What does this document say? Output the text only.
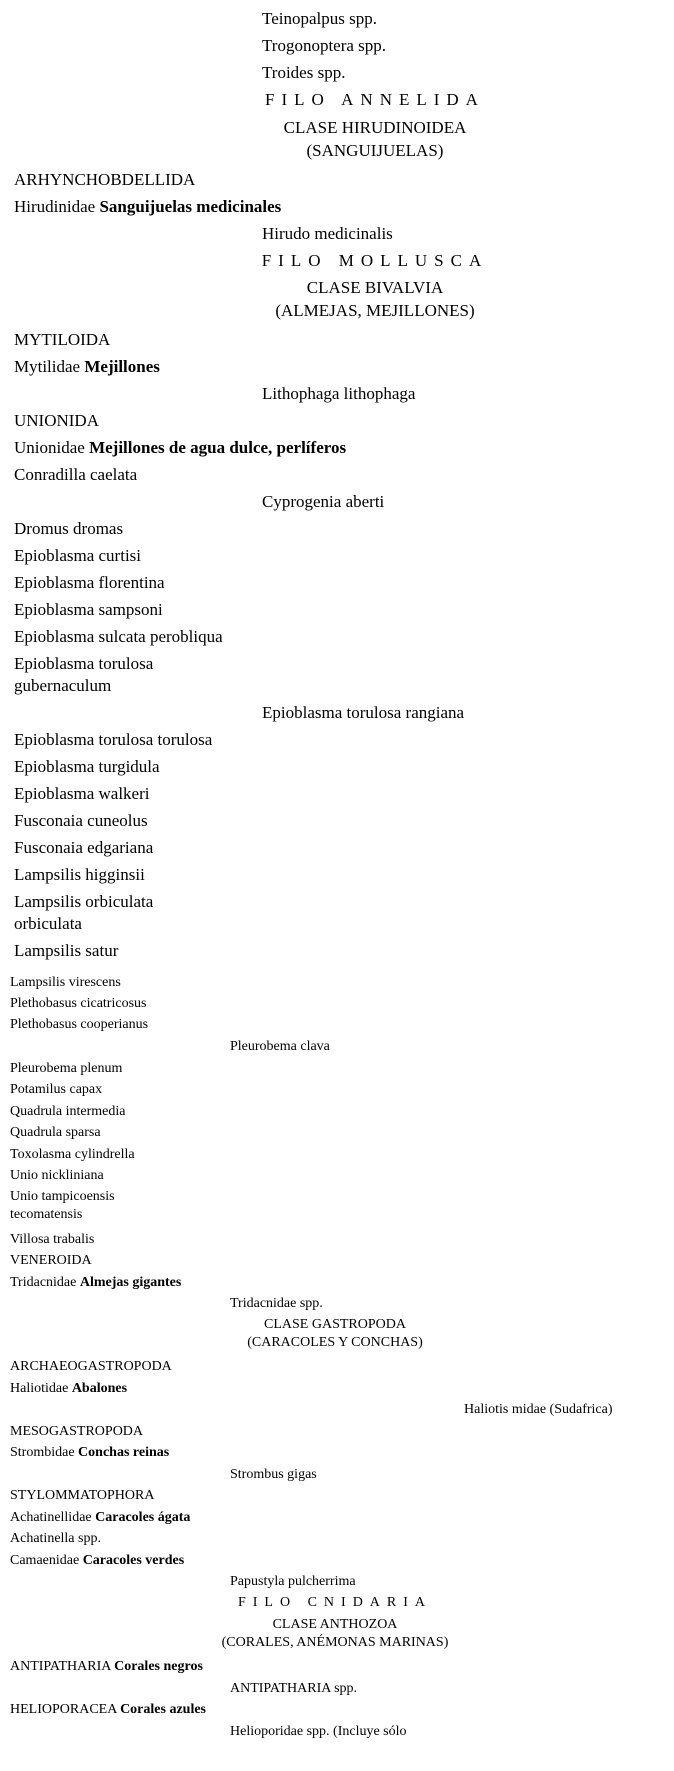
Teinopalpus spp.
Trogonoptera spp.
Troides spp.
FILO ANNELIDA
CLASE HIRUDINOIDEA
(SANGUIJUELAS)
ARHYNCHOBDELLIDA
Hirudinidae Sanguijuelas medicinales
Hirudo medicinalis
FILO MOLLUSCA
CLASE BIVALVIA
(ALMEJAS, MEJILLONES)
MYTILOIDA
Mytilidae Mejillones
Lithophaga lithophaga
UNIONIDA
Unionidae Mejillones de agua dulce, perlíferos
Conradilla caelata
Cyprogenia aberti
Dromus dromas
Epioblasma curtisi
Epioblasma florentina
Epioblasma sampsoni
Epioblasma sulcata perobliqua
Epioblasma torulosa
gubernaculum
Epioblasma torulosa rangiana
Epioblasma torulosa torulosa
Epioblasma turgidula
Epioblasma walkeri
Fusconaia cuneolus
Fusconaia edgariana
Lampsilis higginsii
Lampsilis orbiculata
orbiculata
Lampsilis satur
Lampsilis virescens
Plethobasus cicatricosus
Plethobasus cooperianus
Pleurobema clava
Pleurobema plenum
Potamilus capax
Quadrula intermedia
Quadrula sparsa
Toxolasma cylindrella
Unio nickliniana
Unio tampicoensis
tecomatensis
Villosa trabalis
VENEROIDA
Tridacnidae Almejas gigantes
Tridacnidae spp.
CLASE GASTROPODA
(CARACOLES Y CONCHAS)
ARCHAEOGASTROPODA
Haliotidae Abalones
Haliotis midae (Sudafrica)
MESOGASTROPODA
Strombidae Conchas reinas
Strombus gigas
STYLOMMATOPHORA
Achatinellidae Caracoles ágata
Achatinella spp.
Camaenidae Caracoles verdes
Papustyla pulcherrima
FILO CNIDARIA
CLASE ANTHOZOA
(CORALES, ANÉMONAS MARINAS)
ANTIPATHARIA Corales negros
ANTIPATHARIA spp.
HELIOPORACEA Corales azules
Helioporidae spp. (Incluye sólo
